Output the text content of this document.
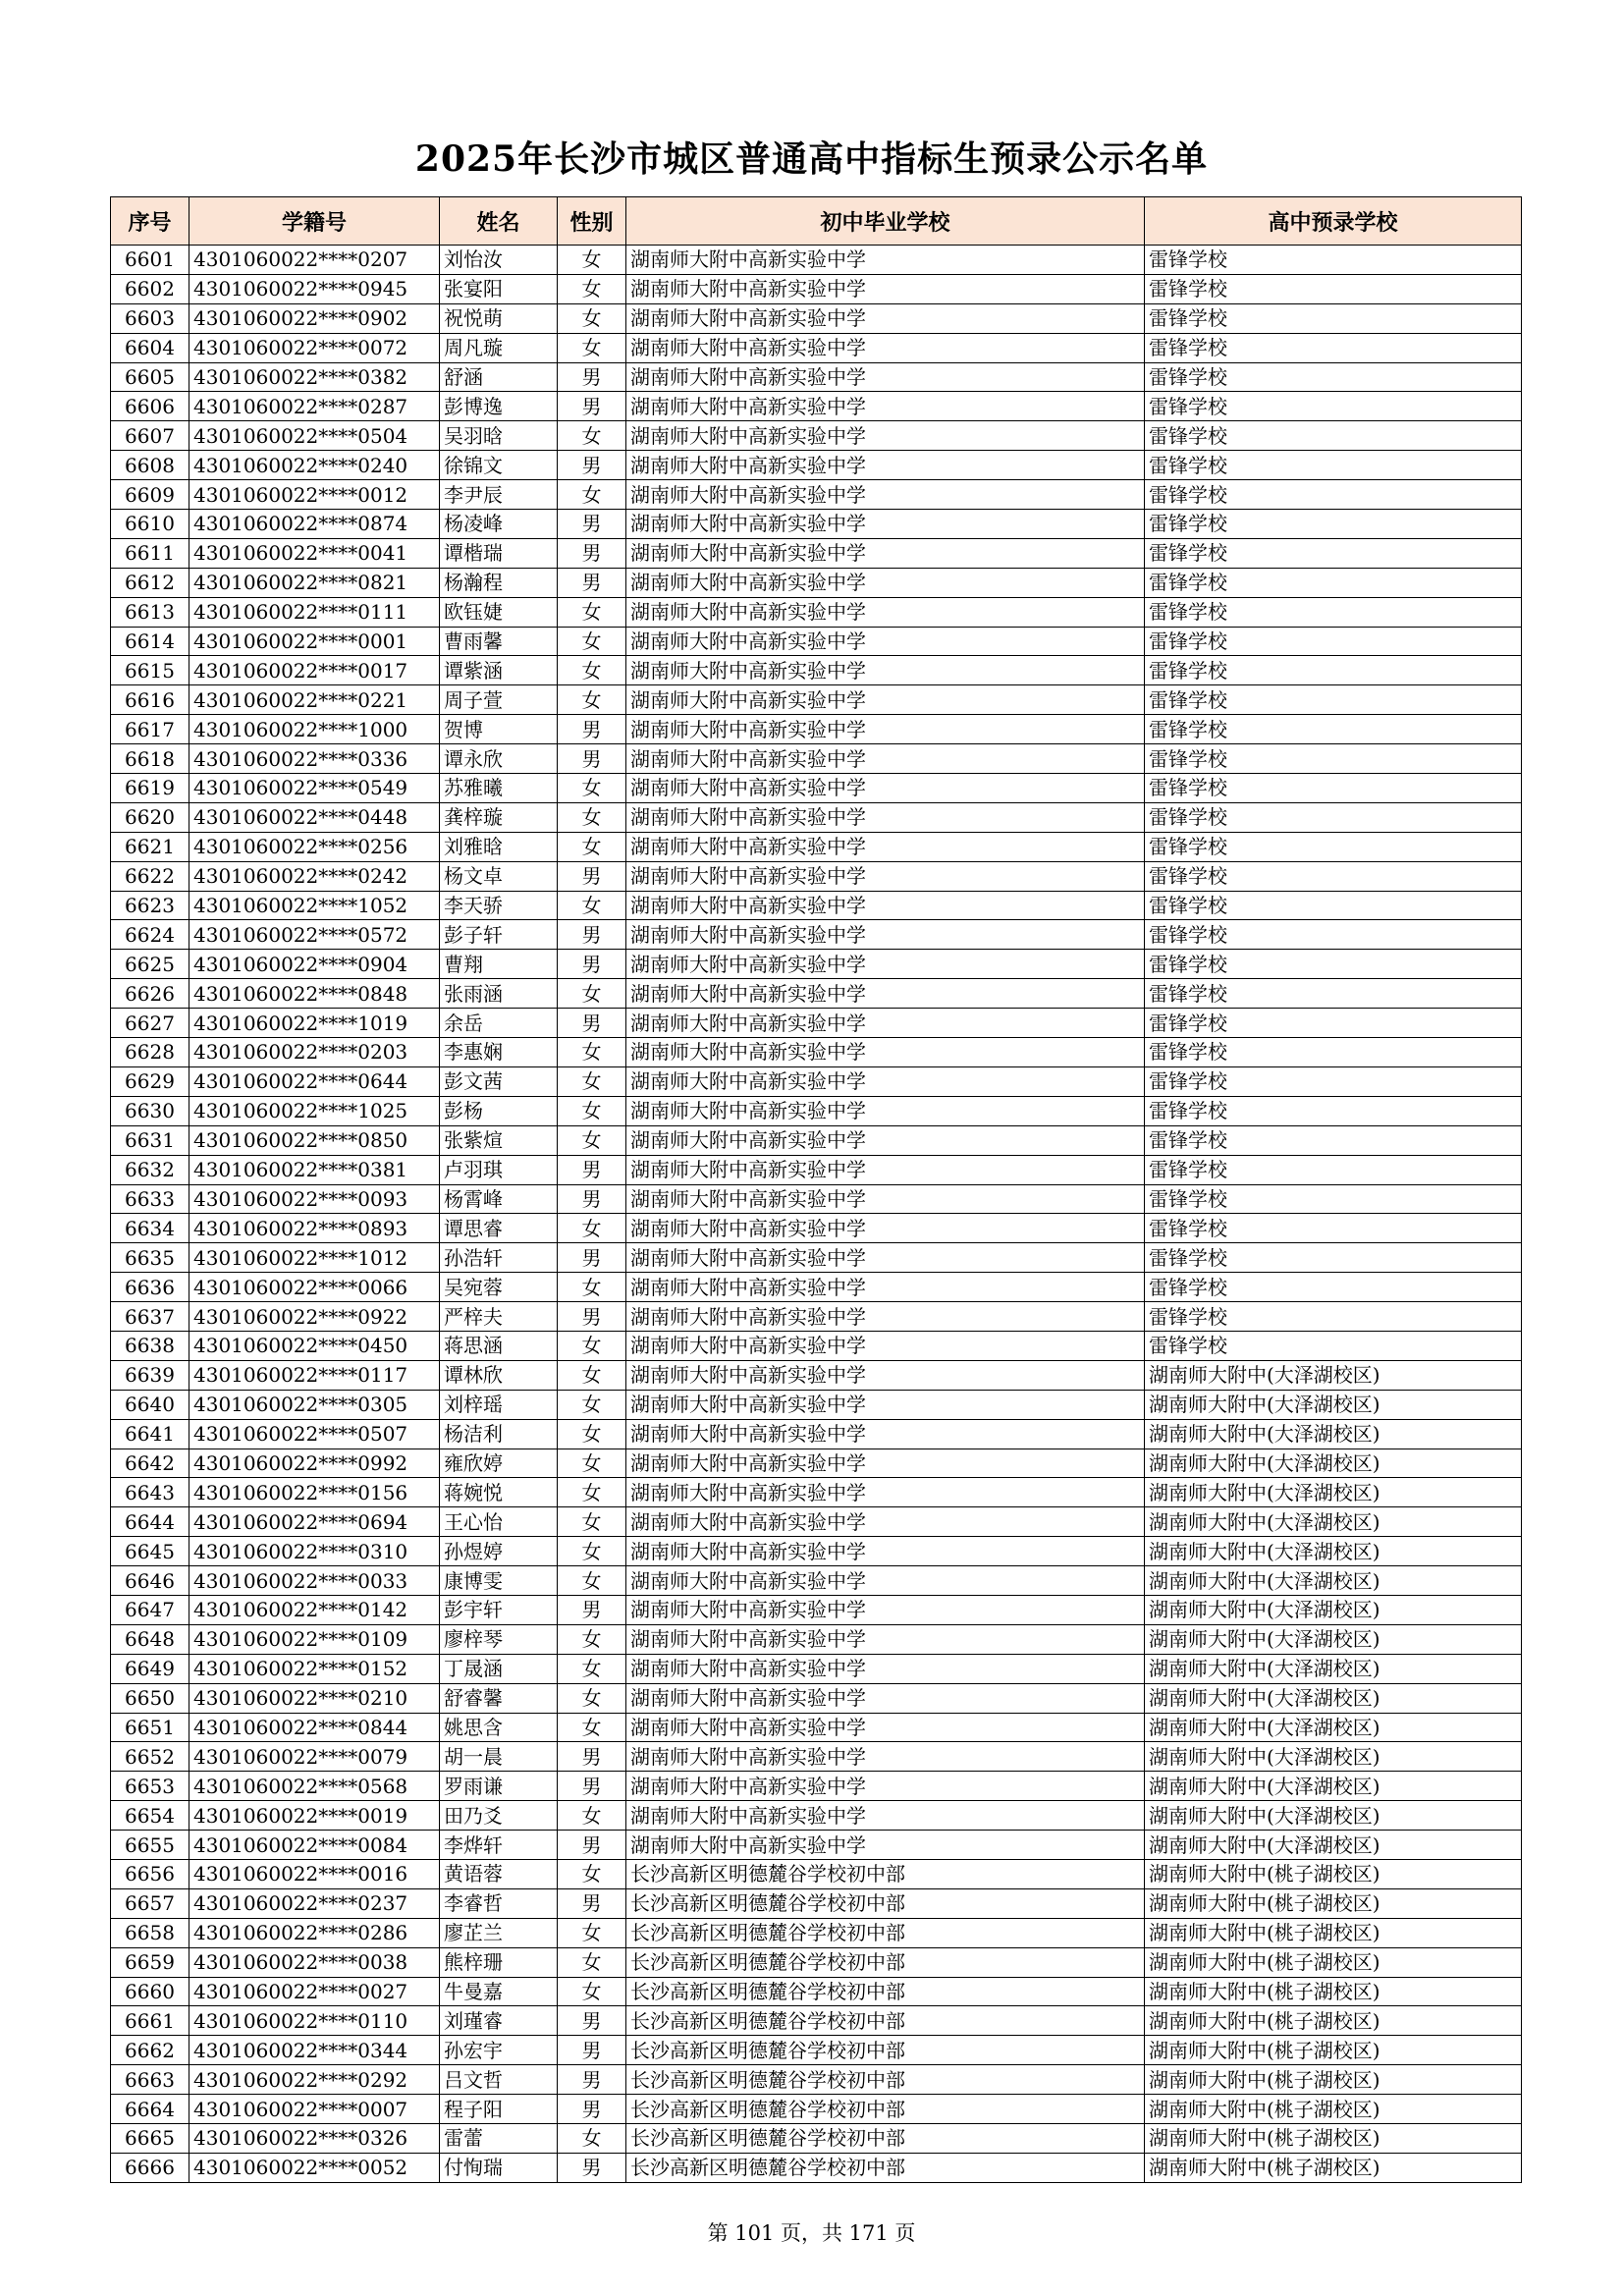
2025年长沙市城区普通高中指标生预录公示名单
序号	学籍号	姓名	性别	初中毕业学校	高中预录学校
6601	4301060022****0207	刘怡汝	女	湖南师大附中高新实验中学	雷锋学校
6602	4301060022****0945	张宴阳	女	湖南师大附中高新实验中学	雷锋学校
6603	4301060022****0902	祝悦萌	女	湖南师大附中高新实验中学	雷锋学校
6604	4301060022****0072	周凡璇	女	湖南师大附中高新实验中学	雷锋学校
6605	4301060022****0382	舒涵	男	湖南师大附中高新实验中学	雷锋学校
6606	4301060022****0287	彭博逸	男	湖南师大附中高新实验中学	雷锋学校
6607	4301060022****0504	吴羽晗	女	湖南师大附中高新实验中学	雷锋学校
6608	4301060022****0240	徐锦文	男	湖南师大附中高新实验中学	雷锋学校
6609	4301060022****0012	李尹辰	女	湖南师大附中高新实验中学	雷锋学校
6610	4301060022****0874	杨凌峰	男	湖南师大附中高新实验中学	雷锋学校
6611	4301060022****0041	谭楷瑞	男	湖南师大附中高新实验中学	雷锋学校
6612	4301060022****0821	杨瀚程	男	湖南师大附中高新实验中学	雷锋学校
6613	4301060022****0111	欧钰婕	女	湖南师大附中高新实验中学	雷锋学校
6614	4301060022****0001	曹雨馨	女	湖南师大附中高新实验中学	雷锋学校
6615	4301060022****0017	谭紫涵	女	湖南师大附中高新实验中学	雷锋学校
6616	4301060022****0221	周子萱	女	湖南师大附中高新实验中学	雷锋学校
6617	4301060022****1000	贺博	男	湖南师大附中高新实验中学	雷锋学校
6618	4301060022****0336	谭永欣	男	湖南师大附中高新实验中学	雷锋学校
6619	4301060022****0549	苏雅曦	女	湖南师大附中高新实验中学	雷锋学校
6620	4301060022****0448	龚梓璇	女	湖南师大附中高新实验中学	雷锋学校
6621	4301060022****0256	刘雅晗	女	湖南师大附中高新实验中学	雷锋学校
6622	4301060022****0242	杨文卓	男	湖南师大附中高新实验中学	雷锋学校
6623	4301060022****1052	李天骄	女	湖南师大附中高新实验中学	雷锋学校
6624	4301060022****0572	彭子轩	男	湖南师大附中高新实验中学	雷锋学校
6625	4301060022****0904	曹翔	男	湖南师大附中高新实验中学	雷锋学校
6626	4301060022****0848	张雨涵	女	湖南师大附中高新实验中学	雷锋学校
6627	4301060022****1019	余岳	男	湖南师大附中高新实验中学	雷锋学校
6628	4301060022****0203	李惠娴	女	湖南师大附中高新实验中学	雷锋学校
6629	4301060022****0644	彭文茜	女	湖南师大附中高新实验中学	雷锋学校
6630	4301060022****1025	彭杨	女	湖南师大附中高新实验中学	雷锋学校
6631	4301060022****0850	张紫煊	女	湖南师大附中高新实验中学	雷锋学校
6632	4301060022****0381	卢羽琪	男	湖南师大附中高新实验中学	雷锋学校
6633	4301060022****0093	杨霄峰	男	湖南师大附中高新实验中学	雷锋学校
6634	4301060022****0893	谭思睿	女	湖南师大附中高新实验中学	雷锋学校
6635	4301060022****1012	孙浩轩	男	湖南师大附中高新实验中学	雷锋学校
6636	4301060022****0066	吴宛蓉	女	湖南师大附中高新实验中学	雷锋学校
6637	4301060022****0922	严梓夫	男	湖南师大附中高新实验中学	雷锋学校
6638	4301060022****0450	蒋思涵	女	湖南师大附中高新实验中学	雷锋学校
6639	4301060022****0117	谭林欣	女	湖南师大附中高新实验中学	湖南师大附中(大泽湖校区)
6640	4301060022****0305	刘梓瑶	女	湖南师大附中高新实验中学	湖南师大附中(大泽湖校区)
6641	4301060022****0507	杨洁利	女	湖南师大附中高新实验中学	湖南师大附中(大泽湖校区)
6642	4301060022****0992	雍欣婷	女	湖南师大附中高新实验中学	湖南师大附中(大泽湖校区)
6643	4301060022****0156	蒋婉悦	女	湖南师大附中高新实验中学	湖南师大附中(大泽湖校区)
6644	4301060022****0694	王心怡	女	湖南师大附中高新实验中学	湖南师大附中(大泽湖校区)
6645	4301060022****0310	孙煜婷	女	湖南师大附中高新实验中学	湖南师大附中(大泽湖校区)
6646	4301060022****0033	康博雯	女	湖南师大附中高新实验中学	湖南师大附中(大泽湖校区)
6647	4301060022****0142	彭宇轩	男	湖南师大附中高新实验中学	湖南师大附中(大泽湖校区)
6648	4301060022****0109	廖梓琴	女	湖南师大附中高新实验中学	湖南师大附中(大泽湖校区)
6649	4301060022****0152	丁晟涵	女	湖南师大附中高新实验中学	湖南师大附中(大泽湖校区)
6650	4301060022****0210	舒睿馨	女	湖南师大附中高新实验中学	湖南师大附中(大泽湖校区)
6651	4301060022****0844	姚思含	女	湖南师大附中高新实验中学	湖南师大附中(大泽湖校区)
6652	4301060022****0079	胡一晨	男	湖南师大附中高新实验中学	湖南师大附中(大泽湖校区)
6653	4301060022****0568	罗雨谦	男	湖南师大附中高新实验中学	湖南师大附中(大泽湖校区)
6654	4301060022****0019	田乃爻	女	湖南师大附中高新实验中学	湖南师大附中(大泽湖校区)
6655	4301060022****0084	李烨轩	男	湖南师大附中高新实验中学	湖南师大附中(大泽湖校区)
6656	4301060022****0016	黄语蓉	女	长沙高新区明德麓谷学校初中部	湖南师大附中(桃子湖校区)
6657	4301060022****0237	李睿哲	男	长沙高新区明德麓谷学校初中部	湖南师大附中(桃子湖校区)
6658	4301060022****0286	廖芷兰	女	长沙高新区明德麓谷学校初中部	湖南师大附中(桃子湖校区)
6659	4301060022****0038	熊梓珊	女	长沙高新区明德麓谷学校初中部	湖南师大附中(桃子湖校区)
6660	4301060022****0027	牛曼嘉	女	长沙高新区明德麓谷学校初中部	湖南师大附中(桃子湖校区)
6661	4301060022****0110	刘瑾睿	男	长沙高新区明德麓谷学校初中部	湖南师大附中(桃子湖校区)
6662	4301060022****0344	孙宏宇	男	长沙高新区明德麓谷学校初中部	湖南师大附中(桃子湖校区)
6663	4301060022****0292	吕文哲	男	长沙高新区明德麓谷学校初中部	湖南师大附中(桃子湖校区)
6664	4301060022****0007	程子阳	男	长沙高新区明德麓谷学校初中部	湖南师大附中(桃子湖校区)
6665	4301060022****0326	雷蕾	女	长沙高新区明德麓谷学校初中部	湖南师大附中(桃子湖校区)
6666	4301060022****0052	付恂瑞	男	长沙高新区明德麓谷学校初中部	湖南师大附中(桃子湖校区)
第 101 页，共 171 页
